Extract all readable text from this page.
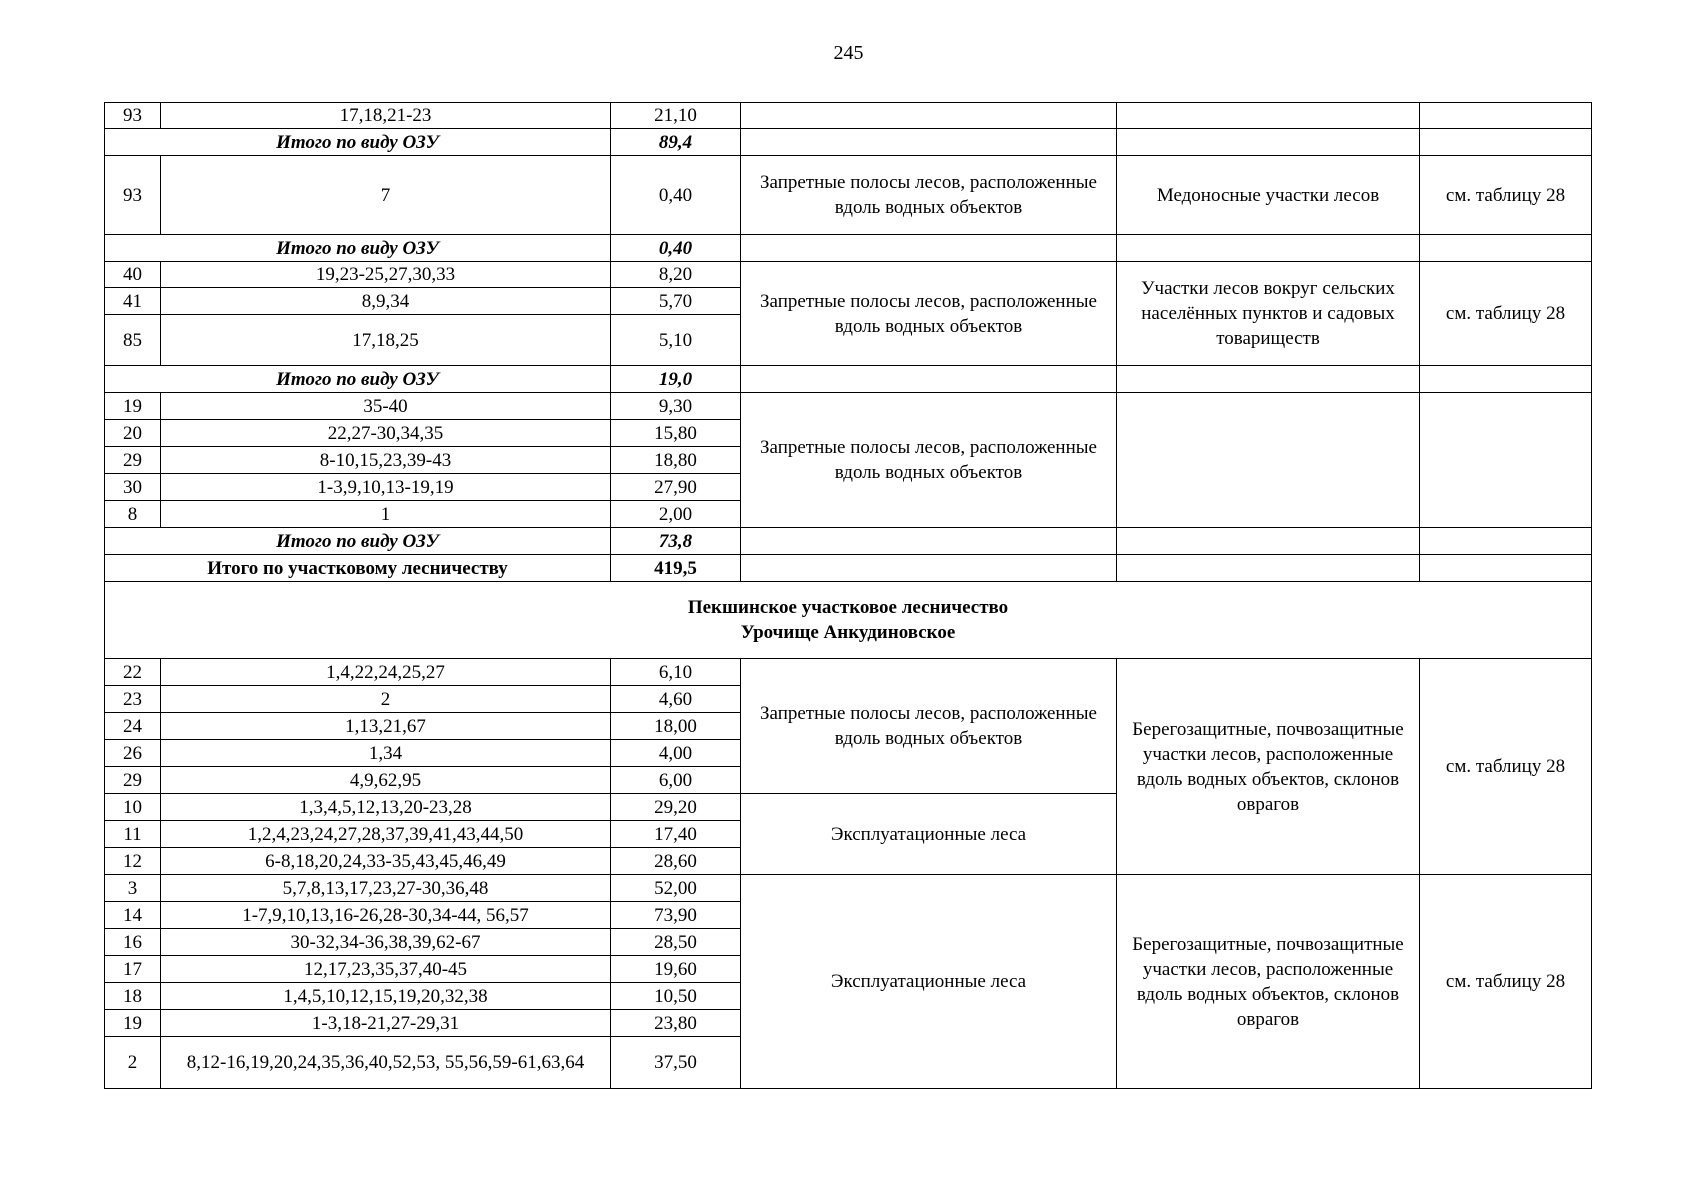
245
93	17,18,21-23	21,10			
Итого по виду ОЗУ		89,4			
93	7	0,40	Запретные полосы лесов, расположенные вдоль водных объектов	Медоносные участки лесов	см. таблицу 28
Итого по виду ОЗУ		0,40			
40	19,23-25,27,30,33	8,20	Запретные полосы лесов, расположенные вдоль водных объектов	Участки лесов вокруг сельских населённых пунктов и садовых товариществ	см. таблицу 28
41	8,9,34	5,70			
85	17,18,25	5,10			
Итого по виду ОЗУ		19,0			
19	35-40	9,30	Запретные полосы лесов, расположенные вдоль водных объектов		
20	22,27-30,34,35	15,80			
29	8-10,15,23,39-43	18,80			
30	1-3,9,10,13-19,19	27,90			
8	1	2,00			
Итого по виду ОЗУ		73,8			
Итого по участковому лесничеству		419,5			

Пекшинское участковое лесничество
Урочище Анкудиновское					

22	1,4,22,24,25,27	6,10	Запретные полосы лесов, расположенные вдоль водных объектов	Берегозащитные, почвозащитные участки лесов, расположенные вдоль водных объектов, склонов оврагов	см. таблицу 28
23	2	4,60			
24	1,13,21,67	18,00			
26	1,34	4,00			
29	4,9,62,95	6,00			
10	1,3,4,5,12,13,20-23,28	29,20	Эксплуатационные леса		
11	1,2,4,23,24,27,28,37,39,41,43,44,50	17,40			
12	6-8,18,20,24,33-35,43,45,46,49	28,60			
3	5,7,8,13,17,23,27-30,36,48	52,00	Эксплуатационные леса	Берегозащитные, почвозащитные участки лесов, расположенные вдоль водных объектов, склонов оврагов	см. таблицу 28
14	1-7,9,10,13,16-26,28-30,34-44, 56,57	73,90			
16	30-32,34-36,38,39,62-67	28,50			
17	12,17,23,35,37,40-45	19,60			
18	1,4,5,10,12,15,19,20,32,38	10,50			
19	1-3,18-21,27-29,31	23,80			
2	8,12-16,19,20,24,35,36,40,52,53, 55,56,59-61,63,64	37,50			
